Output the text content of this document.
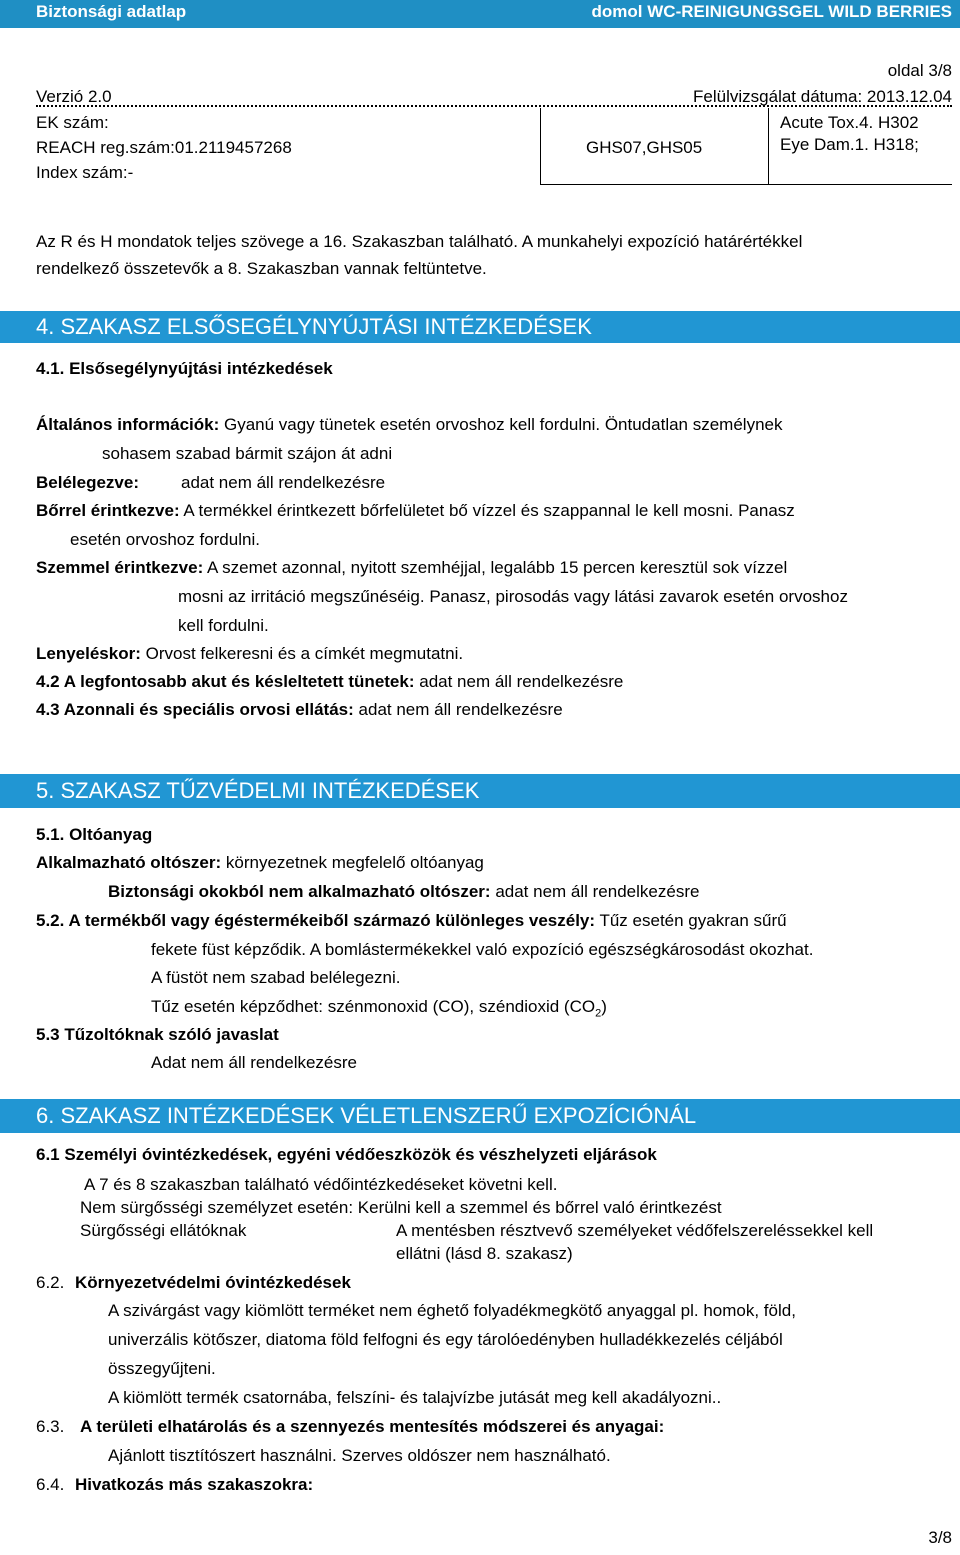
Biztonsági adatlap	domol WC-REINIGUNGSGEL WILD BERRIES
oldal 3/8
Verzió 2.0	Felülvizsgálat dátuma: 2013.12.04
EK szám:
REACH reg.szám:01.2119457268
Index szám:-
GHS07,GHS05
Acute Tox.4. H302
Eye Dam.1. H318;
Az R és H mondatok teljes szövege a 16. Szakaszban található. A munkahelyi expozíció határértékkel
rendelkező összetevők a 8. Szakaszban vannak feltüntetve.
4. SZAKASZ ELSŐSEGÉLYNYÚJTÁSI INTÉZKEDÉSEK
4.1. Elsősegélynyújtási intézkedések
Általános információk: Gyanú vagy tünetek esetén orvoshoz kell fordulni. Öntudatlan személynek
sohasem szabad bármit szájon át adni
Belélegezve: adat nem áll rendelkezésre
Bőrrel érintkezve: A termékkel érintkezett bőrfelületet bő vízzel és szappannal le kell mosni. Panasz
esetén orvoshoz fordulni.
Szemmel érintkezve: A szemet azonnal, nyitott szemhéjjal, legalább 15 percen keresztül sok vízzel
mosni az irritáció megszűnéséig. Panasz, pirosodás vagy látási zavarok esetén orvoshoz
kell fordulni.
Lenyeléskor: Orvost felkeresni és a címkét megmutatni.
4.2 A legfontosabb akut és késleltetett tünetek: adat nem áll rendelkezésre
4.3 Azonnali és speciális orvosi ellátás: adat nem áll rendelkezésre
5. SZAKASZ TŰZVÉDELMI INTÉZKEDÉSEK
5.1. Oltóanyag
Alkalmazható oltószer: környezetnek megfelelő oltóanyag
Biztonsági okokból nem alkalmazható oltószer: adat nem áll rendelkezésre
5.2. A termékből vagy égéstermékeiből származó különleges veszély: Tűz esetén gyakran sűrű
fekete füst képződik. A bomlástermékekkel való expozíció egészségkárosodást okozhat.
A füstöt nem szabad belélegezni.
Tűz esetén képződhet: szénmonoxid (CO), széndioxid $(CO_2)$
5.3 Tűzoltóknak szóló javaslat
Adat nem áll rendelkezésre
6. SZAKASZ INTÉZKEDÉSEK VÉLETLENSZERŰ EXPOZÍCIÓNÁL
6.1 Személyi óvintézkedések, egyéni védőeszközök és vészhelyzeti eljárások
A 7 és 8 szakaszban található védőintézkedéseket követni kell.
Nem sürgősségi személyzet esetén: Kerülni kell a szemmel és bőrrel való érintkezést
Sürgősségi ellátóknak	A mentésben résztvevő személyeket védőfelszereléssekkel kell
ellátni (lásd 8. szakasz)
6.2. Környezetvédelmi óvintézkedések
A szivárgást vagy kiömlött terméket nem éghető folyadékmegkötő anyaggal pl. homok, föld,
univerzális kötőszer, diatoma föld felfogni és egy tárolóedényben hulladékkezelés céljából
összegyűjteni.
A kiömlött termék csatornába, felszíni- és talajvízbe jutását meg kell akadályozni..
6.3. A területi elhatárolás és a szennyezés mentesítés módszerei és anyagai:
Ajánlott tisztítószert használni. Szerves oldószer nem használható.
6.4. Hivatkozás más szakaszokra:
3/8
